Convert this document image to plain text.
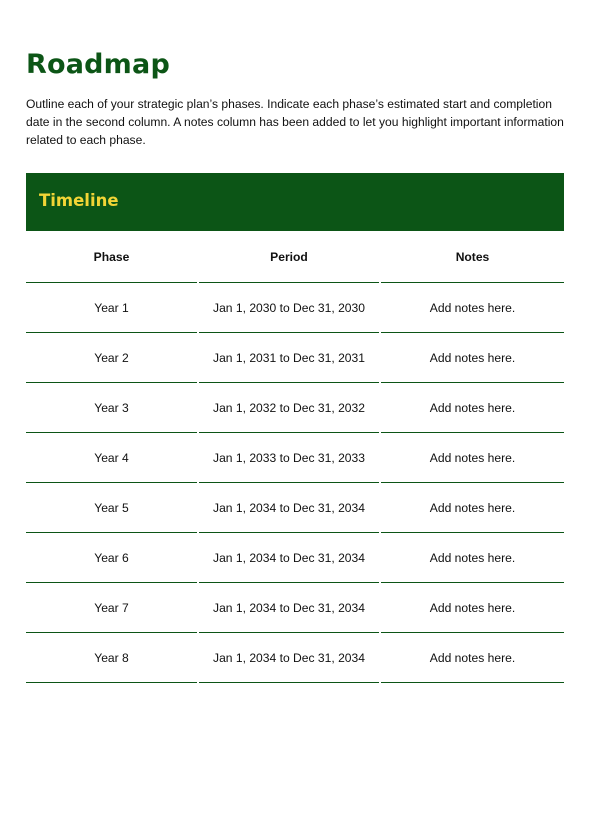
Roadmap

Outline each of your strategic plan’s phases. Indicate each phase’s estimated start and completion date in the second column. A notes column has been added to let you highlight important information related to each phase.

Timeline
Phase	Period	Notes
Year 1	Jan 1, 2030 to Dec 31, 2030	Add notes here.
Year 2	Jan 1, 2031 to Dec 31, 2031	Add notes here.
Year 3	Jan 1, 2032 to Dec 31, 2032	Add notes here.
Year 4	Jan 1, 2033 to Dec 31, 2033	Add notes here.
Year 5	Jan 1, 2034 to Dec 31, 2034	Add notes here.
Year 6	Jan 1, 2034 to Dec 31, 2034	Add notes here.
Year 7	Jan 1, 2034 to Dec 31, 2034	Add notes here.
Year 8	Jan 1, 2034 to Dec 31, 2034	Add notes here.
